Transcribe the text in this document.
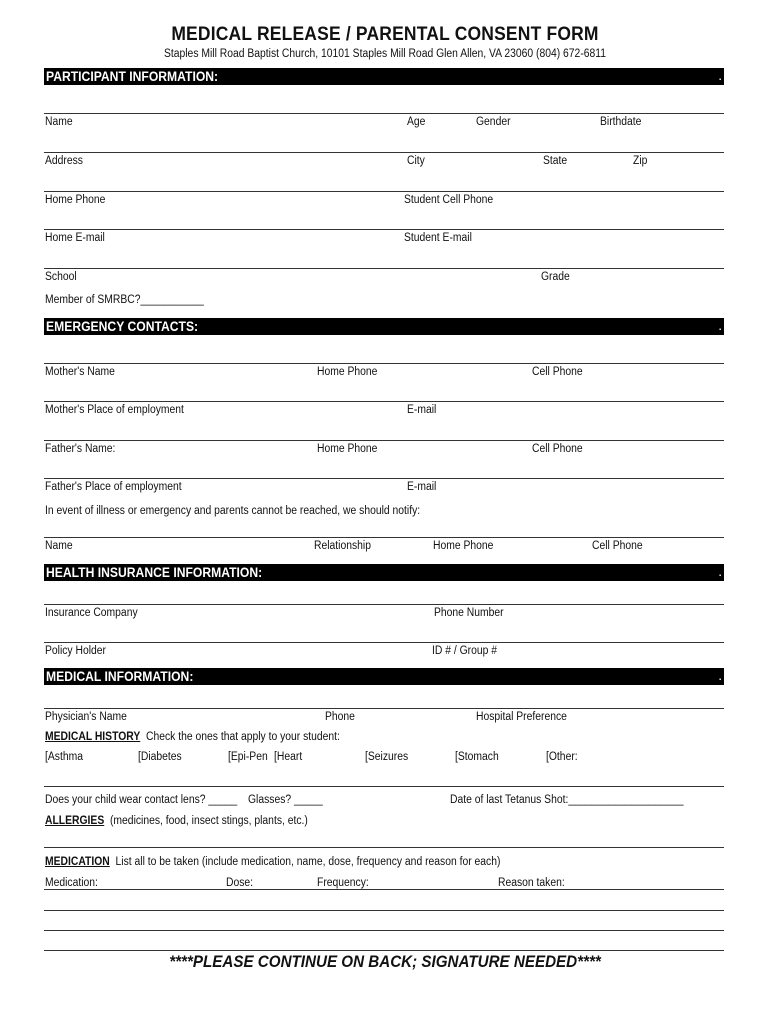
MEDICAL RELEASE / PARENTAL CONSENT FORM
Staples Mill Road Baptist Church, 10101 Staples Mill Road Glen Allen, VA 23060 (804) 672-6811
PARTICIPANT INFORMATION:	.
Name	Age	Gender	Birthdate
Address	City	State	Zip
Home Phone	Student Cell Phone
Home E-mail	Student E-mail
School	Grade
Member of SMRBC?___________
EMERGENCY CONTACTS:	.
Mother's Name	Home Phone	Cell Phone
Mother's Place of employment	E-mail
Father's Name:	Home Phone	Cell Phone
Father's Place of employment	E-mail
In event of illness or emergency and parents cannot be reached, we should notify:
Name	Relationship	Home Phone	Cell Phone
HEALTH INSURANCE INFORMATION:	.
Insurance Company	Phone Number
Policy Holder	ID # / Group #
MEDICAL INFORMATION:	.
Physician's Name	Phone	Hospital Preference
MEDICAL HISTORY Check the ones that apply to your student:
[Asthma	[Diabetes	[Epi-Pen [Heart	[Seizures	[Stomach	[Other:
Does your child wear contact lens? _____ Glasses? _____	Date of last Tetanus Shot:____________________
ALLERGIES (medicines, food, insect stings, plants, etc.)
MEDICATION List all to be taken (include medication, name, dose, frequency and reason for each)
Medication:	Dose:	Frequency:	Reason taken:
****PLEASE CONTINUE ON BACK; SIGNATURE NEEDED****
